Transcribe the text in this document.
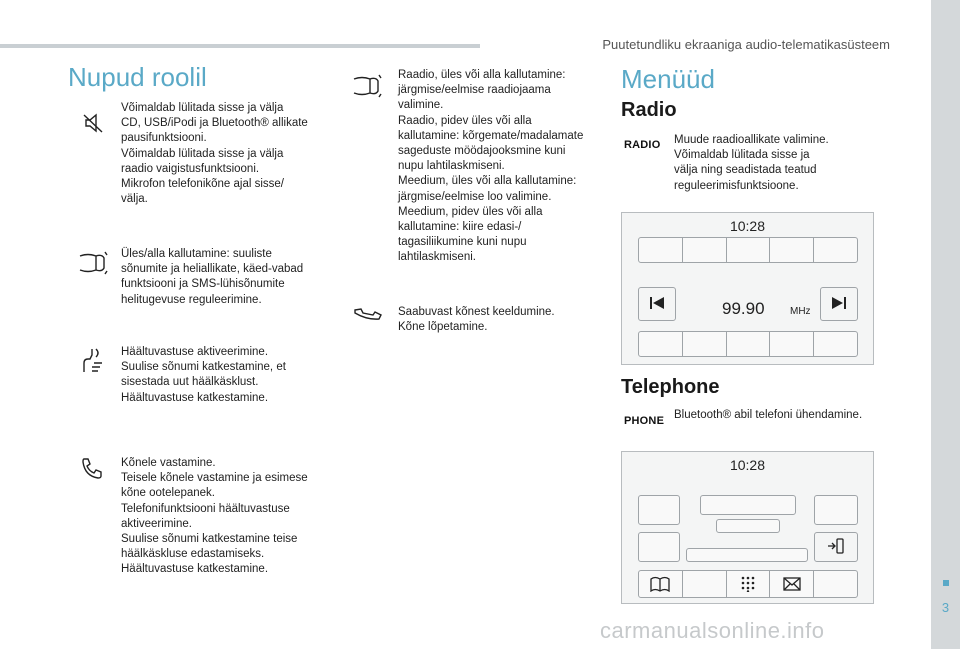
Puutetundliku ekraaniga audio-telematikasüsteem
3
Nupud roolil
Võimaldab lülitada sisse ja välja
CD, USB/iPodi ja Bluetooth® allikate
pausifunktsiooni.
Võimaldab lülitada sisse ja välja
raadio vaigistusfunktsiooni.
Mikrofon telefonikõne ajal sisse/
välja.
Üles/alla kallutamine: suuliste
sõnumite ja heliallikate, käed-vabad
funktsiooni ja SMS-lühisõnumite
helitugevuse reguleerimine.
Häältuvastuse aktiveerimine.
Suulise sõnumi katkestamine, et
sisestada uut häälkäsklust.
Häältuvastuse katkestamine.
Kõnele vastamine.
Teisele kõnele vastamine ja esimese
kõne ootelepanek.
Telefonifunktsiooni häältuvastuse
aktiveerimine.
Suulise sõnumi katkestamine teise
häälkäskluse edastamiseks.
Häältuvastuse katkestamine.
Raadio, üles või alla kallutamine:
järgmise/eelmise raadiojaama
valimine.
Raadio, pidev üles või alla
kallutamine: kõrgemate/madalamate
sageduste möödajooksmine kuni
nupu lahtilaskmiseni.
Meedium, üles või alla kallutamine:
järgmise/eelmise loo valimine.
Meedium, pidev üles või alla
kallutamine: kiire edasi-/
tagasiliikumine kuni nupu
lahtilaskmiseni.
Saabuvast kõnest keeldumine.
Kõne lõpetamine.
Menüüd
Radio
RADIO Muude raadioallikate valimine.
Võimaldab lülitada sisse ja
välja ning seadistada teatud
reguleerimisfunktsioone.
10:28
99.90	MHz
Telephone
PHONE Bluetooth® abil telefoni ühendamine.
10:28
carmanualsonline.info
